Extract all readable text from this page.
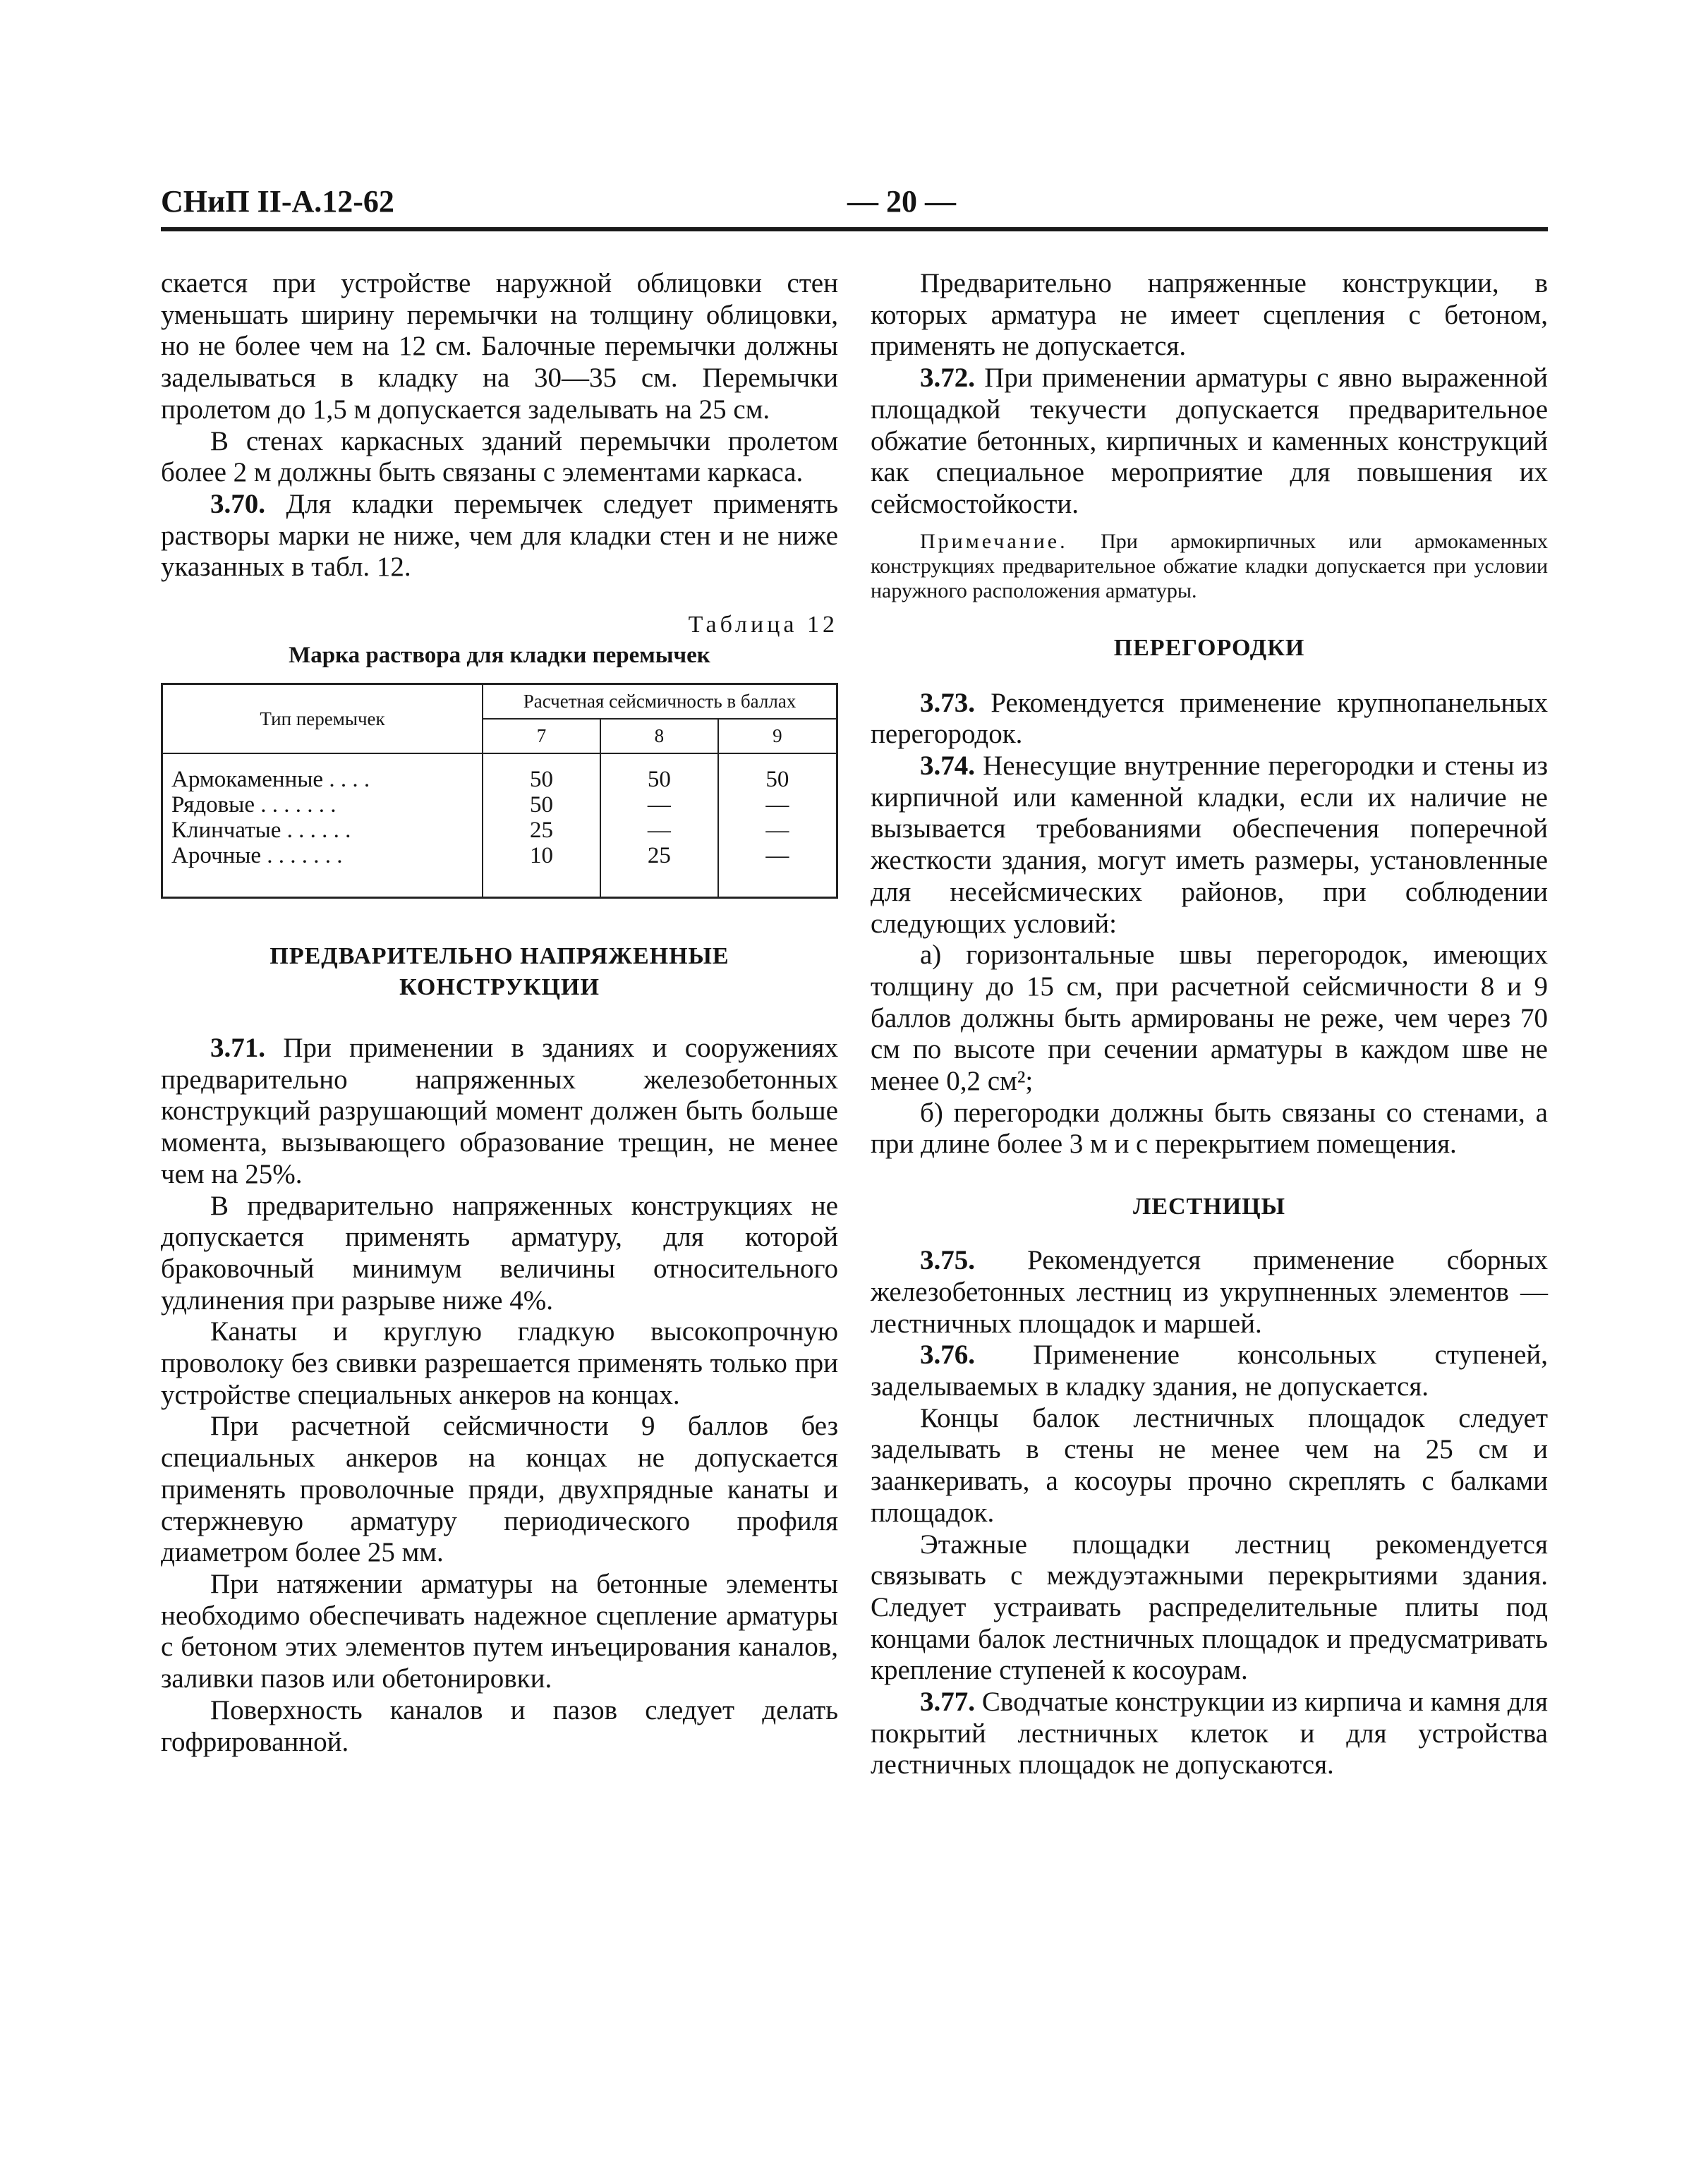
СНиП II-А.12-62	— 20 —

скается при устройстве наружной облицовки стен уменьшать ширину перемычки на толщину облицовки, но не более чем на 12 см. Балочные перемычки должны заделываться в кладку на 30—35 см. Перемычки пролетом до 1,5 м допускается заделывать на 25 см.

В стенах каркасных зданий перемычки пролетом более 2 м должны быть связаны с элементами каркаса.

3.70. Для кладки перемычек следует применять растворы марки не ниже, чем для кладки стен и не ниже указанных в табл. 12.

Таблица 12
Марка раствора для кладки перемычек
Тип перемычек	Расчетная сейсмичность в баллах		
	7	8	9
Армокаменные . . . .	50	50	50
Рядовые . . . . . . .	50	—	—
Клинчатые . . . . . .	25	—	—
Арочные . . . . . . .	10	25	—
ПРЕДВАРИТЕЛЬНО НАПРЯЖЕННЫЕ
КОНСТРУКЦИИ

3.71. При применении в зданиях и сооружениях предварительно напряженных железобетонных конструкций разрушающий момент должен быть больше момента, вызывающего образование трещин, не менее чем на 25%.

В предварительно напряженных конструкциях не допускается применять арматуру, для которой браковочный минимум величины относительного удлинения при разрыве ниже 4%.

Канаты и круглую гладкую высокопрочную проволоку без свивки разрешается применять только при устройстве специальных анкеров на концах.

При расчетной сейсмичности 9 баллов без специальных анкеров на концах не допускается применять проволочные пряди, двухпрядные канаты и стержневую арматуру периодического профиля диаметром более 25 мм.

При натяжении арматуры на бетонные элементы необходимо обеспечивать надежное сцепление арматуры с бетоном этих элементов путем инъецирования каналов, заливки пазов или обетонировки.

Поверхность каналов и пазов следует делать гофрированной.

Предварительно напряженные конструкции, в которых арматура не имеет сцепления с бетоном, применять не допускается.

3.72. При применении арматуры с явно выраженной площадкой текучести допускается предварительное обжатие бетонных, кирпичных и каменных конструкций как специальное мероприятие для повышения их сейсмостойкости.

Примечание. При армокирпичных или армокаменных конструкциях предварительное обжатие кладки допускается при условии наружного расположения арматуры.

ПЕРЕГОРОДКИ

3.73. Рекомендуется применение крупнопанельных перегородок.

3.74. Ненесущие внутренние перегородки и стены из кирпичной или каменной кладки, если их наличие не вызывается требованиями обеспечения поперечной жесткости здания, могут иметь размеры, установленные для несейсмических районов, при соблюдении следующих условий:

а) горизонтальные швы перегородок, имеющих толщину до 15 см, при расчетной сейсмичности 8 и 9 баллов должны быть армированы не реже, чем через 70 см по высоте при сечении арматуры в каждом шве не менее 0,2 см²;

б) перегородки должны быть связаны со стенами, а при длине более 3 м и с перекрытием помещения.

ЛЕСТНИЦЫ

3.75. Рекомендуется применение сборных железобетонных лестниц из укрупненных элементов — лестничных площадок и маршей.

3.76. Применение консольных ступеней, заделываемых в кладку здания, не допускается.

Концы балок лестничных площадок следует заделывать в стены не менее чем на 25 см и заанкеривать, а косоуры прочно скреплять с балками площадок.

Этажные площадки лестниц рекомендуется связывать с междуэтажными перекрытиями здания. Следует устраивать распределительные плиты под концами балок лестничных площадок и предусматривать крепление ступеней к косоурам.

3.77. Сводчатые конструкции из кирпича и камня для покрытий лестничных клеток и для устройства лестничных площадок не допускаются.
